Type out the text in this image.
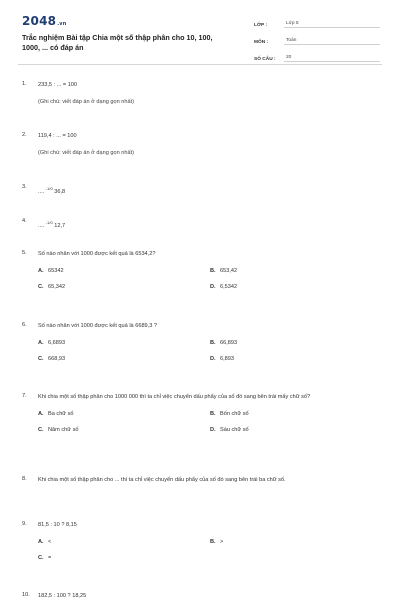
2048.vn
Trắc nghiệm Bài tập Chia một số thập phân cho 10, 100, 1000, ... có đáp án
LỚP :	Lớp 5
MÔN :	Toán
SỐ CÂU :	20
1.	233,5 : ... = 100
(Ghi chú: viết đáp án ở dạng gọn nhất)
2.	119,4 : ... = 100
(Ghi chú: viết đáp án ở dạng gọn nhất)
3.
.... $^{-1/0}$ 36,8
4.
.... $^{-1/0}$ 12,7
5.	Số nào nhân với 1000 được kết quả là 6534,2?
A. 65342	B. 653,42
C. 65,342	D. 6,5342
6.	Số nào nhân với 1000 được kết quả là 6689,3 ?
A. 6,6893	B. 66,893
C. 668,93	D. 6,893
7.	Khi chia một số thập phân cho 1000 000 thì ta chỉ việc chuyển dấu phẩy của số đó sang bên trái mấy chữ số?
A. Ba chữ số	B. Bốn chữ số
C. Năm chữ số	D. Sáu chữ số
8.	Khi chia một số thập phân cho ... thì ta chỉ việc chuyển dấu phẩy của số đó sang bên trái ba chữ số.
9.	81,5 : 10 ? 8,15
A. <	B. >
C. =
10.	182,5 : 100 ? 18,25
